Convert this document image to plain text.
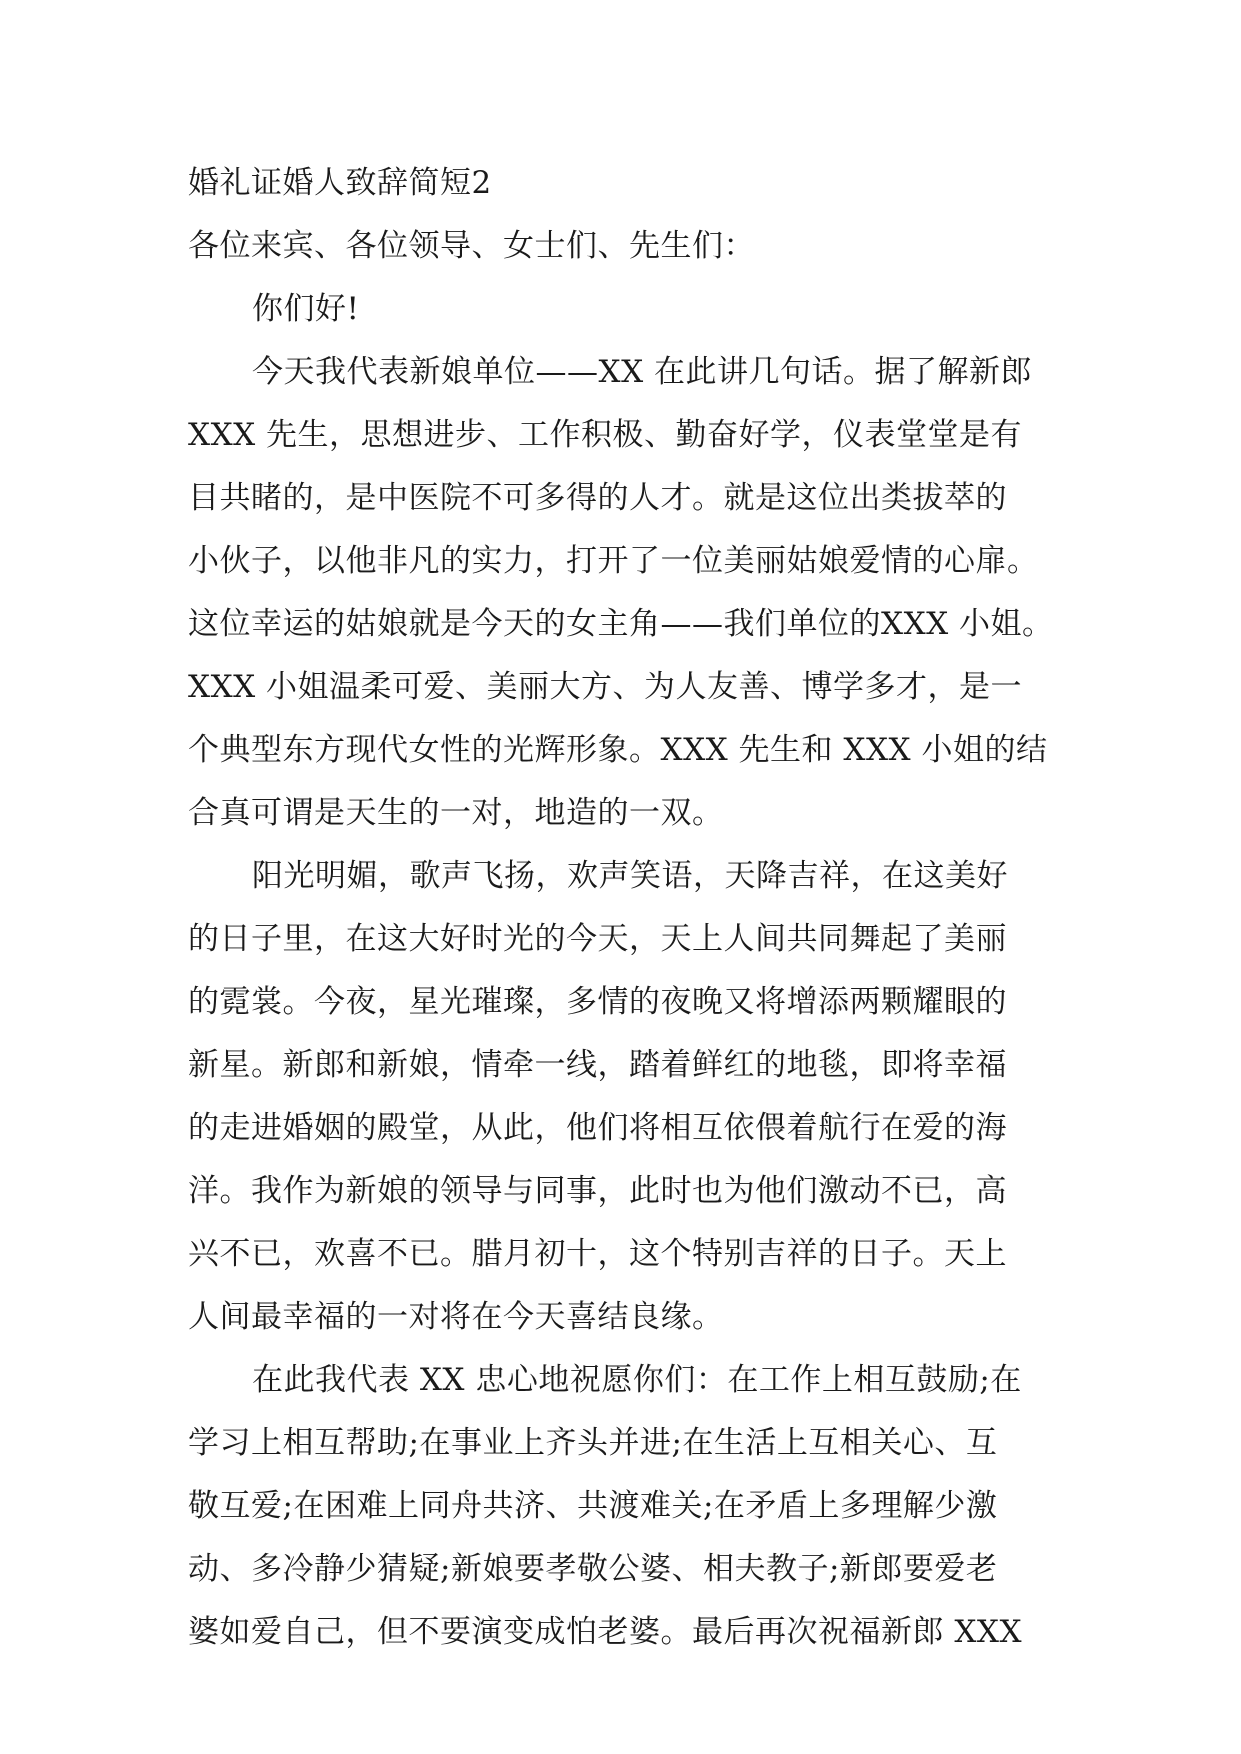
婚礼证婚人致辞简短2
各位来宾、各位领导、女士们、先生们：
你们好!
今天我代表新娘单位——XX 在此讲几句话。据了解新郎
XXX 先生，思想进步、工作积极、勤奋好学，仪表堂堂是有
目共睹的，是中医院不可多得的人才。就是这位出类拔萃的
小伙子，以他非凡的实力，打开了一位美丽姑娘爱情的心扉。
这位幸运的姑娘就是今天的女主角——我们单位的XXX 小姐。
XXX 小姐温柔可爱、美丽大方、为人友善、博学多才，是一
个典型东方现代女性的光辉形象。XXX 先生和 XXX 小姐的结
合真可谓是天生的一对，地造的一双。
阳光明媚，歌声飞扬，欢声笑语，天降吉祥，在这美好
的日子里，在这大好时光的今天，天上人间共同舞起了美丽
的霓裳。今夜，星光璀璨，多情的夜晚又将增添两颗耀眼的
新星。新郎和新娘，情牵一线，踏着鲜红的地毯，即将幸福
的走进婚姻的殿堂，从此，他们将相互依偎着航行在爱的海
洋。我作为新娘的领导与同事，此时也为他们激动不已，高
兴不已，欢喜不已。腊月初十，这个特别吉祥的日子。天上
人间最幸福的一对将在今天喜结良缘。
在此我代表 XX 忠心地祝愿你们：在工作上相互鼓励;在
学习上相互帮助;在事业上齐头并进;在生活上互相关心、互
敬互爱;在困难上同舟共济、共渡难关;在矛盾上多理解少激
动、多冷静少猜疑;新娘要孝敬公婆、相夫教子;新郎要爱老
婆如爱自己，但不要演变成怕老婆。最后再次祝福新郎 XXX
